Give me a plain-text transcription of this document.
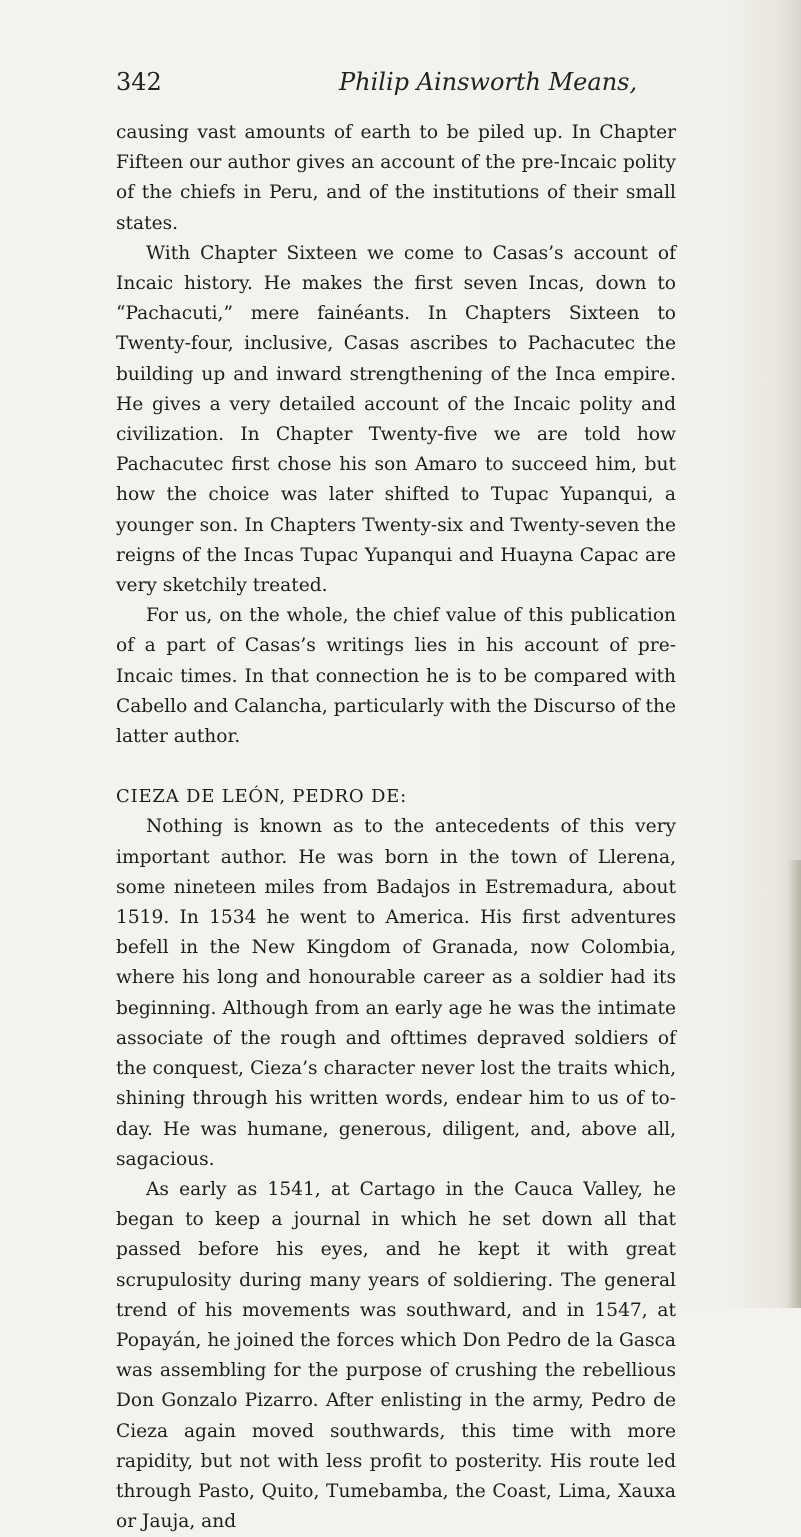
342	Philip Ainsworth Means,

causing vast amounts of earth to be piled up. In Chapter Fifteen our author gives an account of the pre-Incaic polity of the chiefs in Peru, and of the institutions of their small states.

With Chapter Sixteen we come to Casas’s account of Incaic history. He makes the first seven Incas, down to “Pachacuti,” mere fainéants. In Chapters Sixteen to Twenty-four, inclusive, Casas ascribes to Pachacutec the building up and inward strengthening of the Inca empire. He gives a very detailed account of the Incaic polity and civilization. In Chapter Twenty-five we are told how Pachacutec first chose his son Amaro to succeed him, but how the choice was later shifted to Tupac Yupanqui, a younger son. In Chapters Twenty-six and Twenty-seven the reigns of the Incas Tupac Yupanqui and Huayna Capac are very sketchily treated.

For us, on the whole, the chief value of this publication of a part of Casas’s writings lies in his account of pre-Incaic times. In that connection he is to be compared with Cabello and Calancha, particularly with the Discurso of the latter author.

CIEZA DE LEÓN, PEDRO DE:

Nothing is known as to the antecedents of this very important author. He was born in the town of Llerena, some nineteen miles from Badajos in Estremadura, about 1519. In 1534 he went to America. His first adventures befell in the New Kingdom of Granada, now Colombia, where his long and honourable career as a soldier had its beginning. Although from an early age he was the intimate associate of the rough and ofttimes depraved soldiers of the conquest, Cieza’s character never lost the traits which, shining through his written words, endear him to us of to-day. He was humane, generous, diligent, and, above all, sagacious.

As early as 1541, at Cartago in the Cauca Valley, he began to keep a journal in which he set down all that passed before his eyes, and he kept it with great scrupulosity during many years of soldiering. The general trend of his movements was southward, and in 1547, at Popayán, he joined the forces which Don Pedro de la Gasca was assembling for the purpose of crushing the rebellious Don Gonzalo Pizarro. After enlisting in the army, Pedro de Cieza again moved southwards, this time with more rapidity, but not with less profit to posterity. His route led through Pasto, Quito, Tumebamba, the Coast, Lima, Xauxa or Jauja, and
